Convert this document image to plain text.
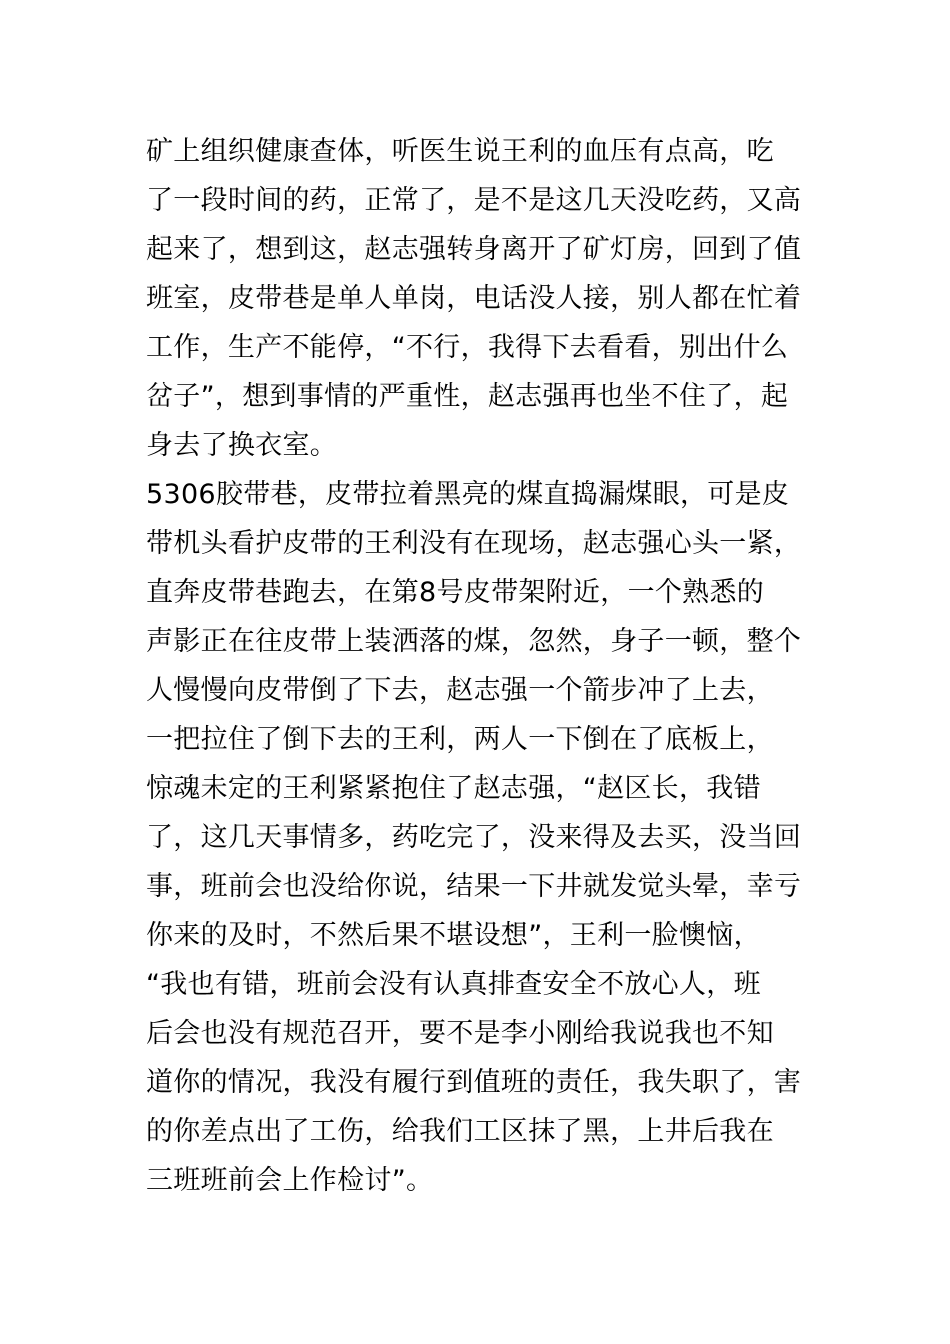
矿上组织健康查体，听医生说王利的血压有点高，吃
了一段时间的药，正常了，是不是这几天没吃药，又高
起来了，想到这，赵志强转身离开了矿灯房，回到了值
班室，皮带巷是单人单岗，电话没人接，别人都在忙着
工作，生产不能停，“不行，我得下去看看，别出什么
岔子”，想到事情的严重性，赵志强再也坐不住了，起
身去了换衣室。
5306胶带巷，皮带拉着黑亮的煤直捣漏煤眼，可是皮
带机头看护皮带的王利没有在现场，赵志强心头一紧，
直奔皮带巷跑去，在第8号皮带架附近，一个熟悉的
声影正在往皮带上装洒落的煤，忽然，身子一顿，整个
人慢慢向皮带倒了下去，赵志强一个箭步冲了上去，
一把拉住了倒下去的王利，两人一下倒在了底板上，
惊魂未定的王利紧紧抱住了赵志强，“赵区长，我错
了，这几天事情多，药吃完了，没来得及去买，没当回
事，班前会也没给你说，结果一下井就发觉头晕，幸亏
你来的及时，不然后果不堪设想”，王利一脸懊恼，
“我也有错，班前会没有认真排查安全不放心人，班
后会也没有规范召开，要不是李小刚给我说我也不知
道你的情况，我没有履行到值班的责任，我失职了，害
的你差点出了工伤，给我们工区抹了黑，上井后我在
三班班前会上作检讨”。
